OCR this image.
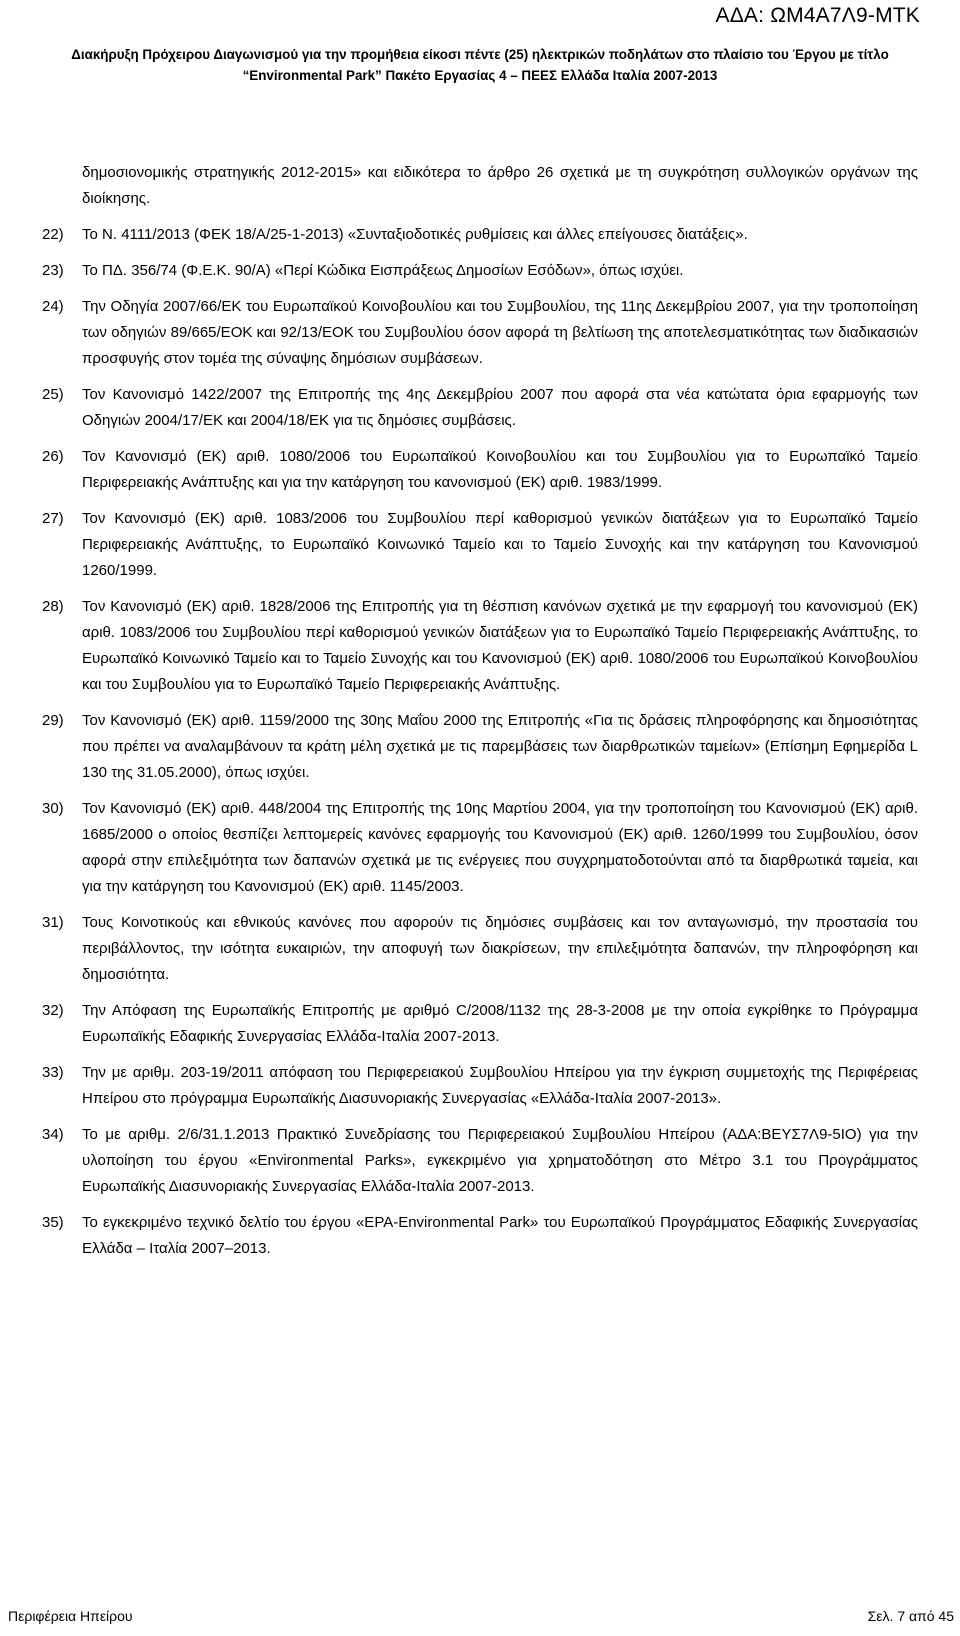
ΑΔΑ: ΩΜ4Α7Λ9-ΜΤΚ
Διακήρυξη Πρόχειρου Διαγωνισμού για την προμήθεια είκοσι πέντε (25) ηλεκτρικών ποδηλάτων στο πλαίσιο του Έργου με τίτλο
“Environmental Park” Πακέτο Εργασίας 4 – ΠΕΕΣ Ελλάδα Ιταλία 2007-2013

δημοσιονομικής στρατηγικής 2012-2015» και ειδικότερα το άρθρο 26 σχετικά με τη συγκρότηση συλλογικών οργάνων της διοίκησης.

22) Το Ν. 4111/2013 (ΦΕΚ 18/Α/25-1-2013) «Συνταξιοδοτικές ρυθμίσεις και άλλες επείγουσες διατάξεις».

23) Το ΠΔ. 356/74 (Φ.Ε.Κ. 90/Α) «Περί Κώδικα Εισπράξεως Δημοσίων Εσόδων», όπως ισχύει.

24) Την Οδηγία 2007/66/ΕΚ του Ευρωπαϊκού Κοινοβουλίου και του Συμβουλίου, της 11ης Δεκεμβρίου 2007, για την τροποποίηση των οδηγιών 89/665/ΕΟΚ και 92/13/ΕΟΚ του Συμβουλίου όσον αφορά τη βελτίωση της αποτελεσματικότητας των διαδικασιών προσφυγής στον τομέα της σύναψης δημόσιων συμβάσεων.

25) Τον Κανονισμό 1422/2007 της Επιτροπής της 4ης Δεκεμβρίου 2007 που αφορά στα νέα κατώτατα όρια εφαρμογής των Οδηγιών 2004/17/ΕΚ και 2004/18/ΕΚ για τις δημόσιες συμβάσεις.

26) Τον Κανονισμό (ΕΚ) αριθ. 1080/2006 του Ευρωπαϊκού Κοινοβουλίου και του Συμβουλίου για το Ευρωπαϊκό Ταμείο Περιφερειακής Ανάπτυξης και για την κατάργηση του κανονισμού (ΕΚ) αριθ. 1983/1999.

27) Τον Κανονισμό (ΕΚ) αριθ. 1083/2006 του Συμβουλίου περί καθορισμού γενικών διατάξεων για το Ευρωπαϊκό Ταμείο Περιφερειακής Ανάπτυξης, το Ευρωπαϊκό Κοινωνικό Ταμείο και το Ταμείο Συνοχής και την κατάργηση του Κανονισμού 1260/1999.

28) Τον Κανονισμό (ΕΚ) αριθ. 1828/2006 της Επιτροπής για τη θέσπιση κανόνων σχετικά με την εφαρμογή του κανονισμού (ΕΚ) αριθ. 1083/2006 του Συμβουλίου περί καθορισμού γενικών διατάξεων για το Ευρωπαϊκό Ταμείο Περιφερειακής Ανάπτυξης, το Ευρωπαϊκό Κοινωνικό Ταμείο και το Ταμείο Συνοχής και του Κανονισμού (ΕΚ) αριθ. 1080/2006 του Ευρωπαϊκού Κοινοβουλίου και του Συμβουλίου για το Ευρωπαϊκό Ταμείο Περιφερειακής Ανάπτυξης.

29) Τον Κανονισμό (ΕΚ) αριθ. 1159/2000 της 30ης Μαΐου 2000 της Επιτροπής «Για τις δράσεις πληροφόρησης και δημοσιότητας που πρέπει να αναλαμβάνουν τα κράτη μέλη σχετικά με τις παρεμβάσεις των διαρθρωτικών ταμείων» (Επίσημη Εφημερίδα L 130 της 31.05.2000), όπως ισχύει.

30) Τον Κανονισμό (ΕΚ) αριθ. 448/2004 της Επιτροπής της 10ης Μαρτίου 2004, για την τροποποίηση του Κανονισμού (ΕΚ) αριθ. 1685/2000 ο οποίος θεσπίζει λεπτομερείς κανόνες εφαρμογής του Κανονισμού (ΕΚ) αριθ. 1260/1999 του Συμβουλίου, όσον αφορά στην επιλεξιμότητα των δαπανών σχετικά με τις ενέργειες που συγχρηματοδοτούνται από τα διαρθρωτικά ταμεία, και για την κατάργηση του Κανονισμού (ΕΚ) αριθ. 1145/2003.

31) Τους Κοινοτικούς και εθνικούς κανόνες που αφορούν τις δημόσιες συμβάσεις και τον ανταγωνισμό, την προστασία του περιβάλλοντος, την ισότητα ευκαιριών, την αποφυγή των διακρίσεων, την επιλεξιμότητα δαπανών, την πληροφόρηση και δημοσιότητα.

32) Την Απόφαση της Ευρωπαϊκής Επιτροπής με αριθμό C/2008/1132 της 28-3-2008 με την οποία εγκρίθηκε το Πρόγραμμα Ευρωπαϊκής Εδαφικής Συνεργασίας Ελλάδα-Ιταλία 2007-2013.

33) Την με αριθμ. 203-19/2011 απόφαση του Περιφερειακού Συμβουλίου Ηπείρου για την έγκριση συμμετοχής της Περιφέρειας Ηπείρου στο πρόγραμμα Ευρωπαϊκής Διασυνοριακής Συνεργασίας «Ελλάδα-Ιταλία 2007-2013».

34) Το με αριθμ. 2/6/31.1.2013 Πρακτικό Συνεδρίασης του Περιφερειακού Συμβουλίου Ηπείρου (ΑΔΑ:ΒΕΥΣ7Λ9-5ΙΟ) για την υλοποίηση του έργου «Environmental Parks», εγκεκριμένο για χρηματοδότηση στο Μέτρο 3.1 του Προγράμματος Ευρωπαϊκής Διασυνοριακής Συνεργασίας Ελλάδα-Ιταλία 2007-2013.

35) Το εγκεκριμένο τεχνικό δελτίο του έργου «EPA-Environmental Park» του Ευρωπαϊκού Προγράμματος Εδαφικής Συνεργασίας Ελλάδα – Ιταλία 2007–2013.

Περιφέρεια Ηπείρου	Σελ. 7 από 45
